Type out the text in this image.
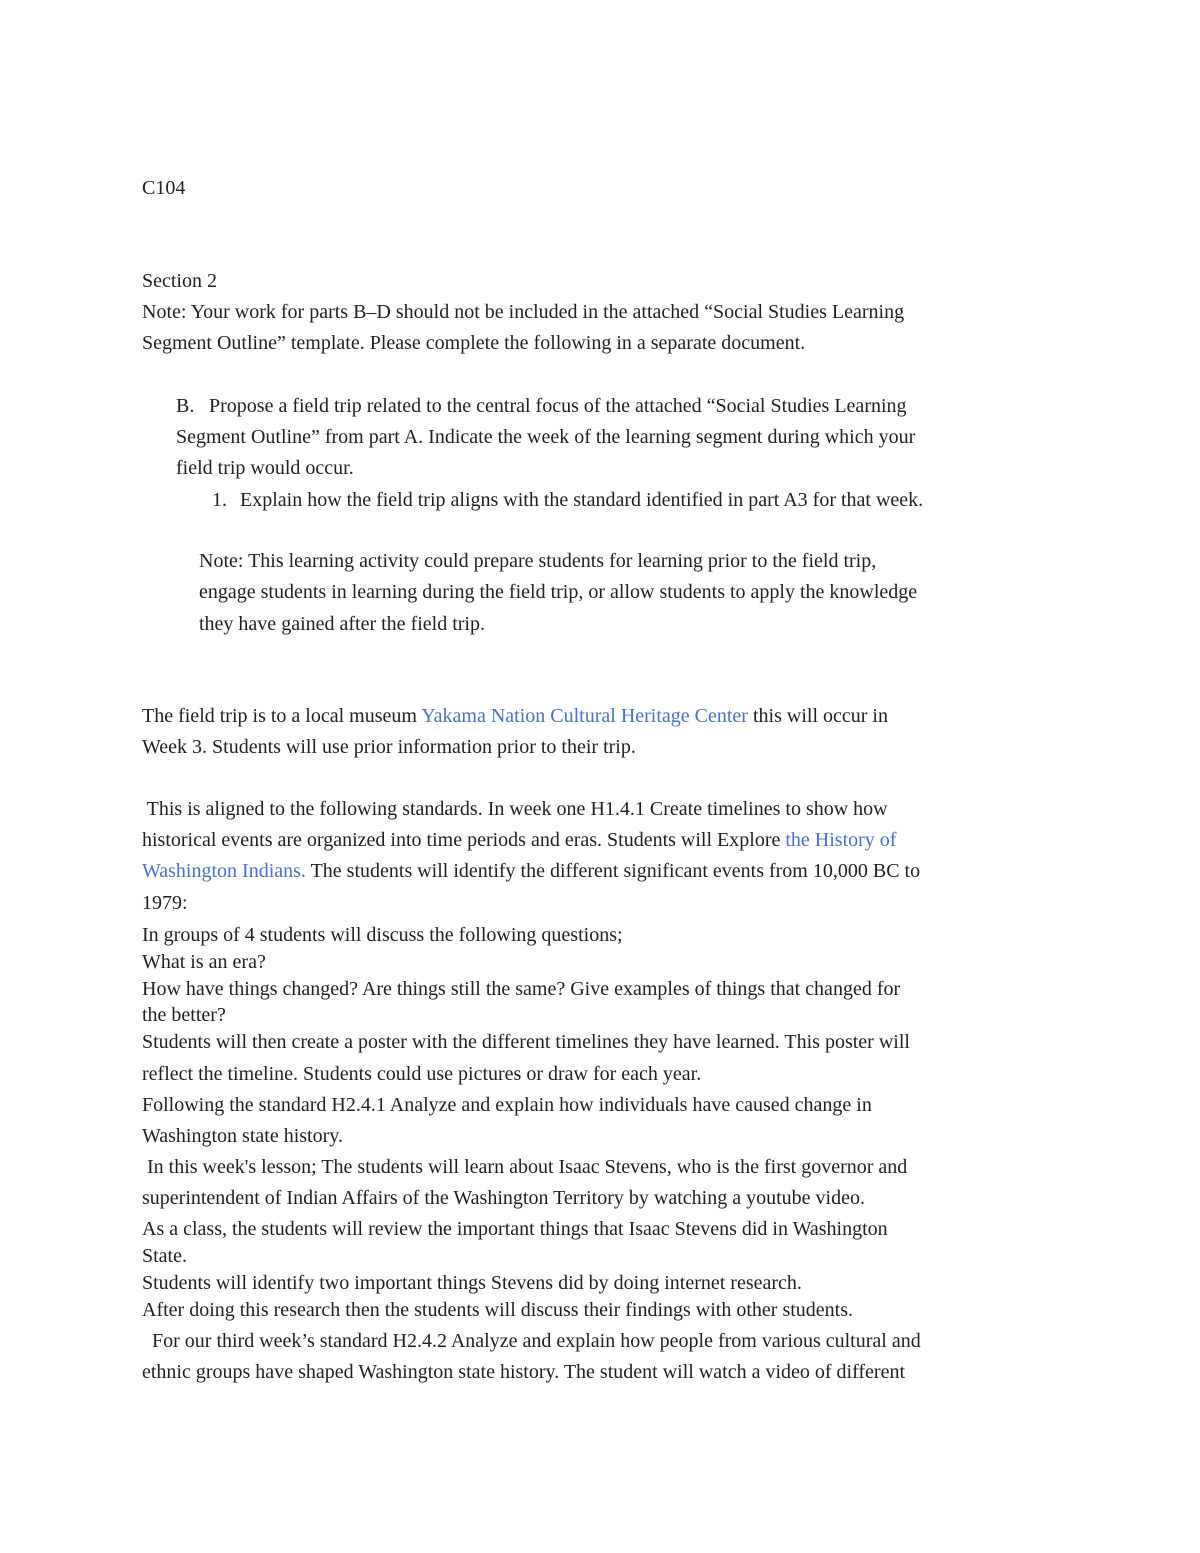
C104
Section 2
Note: Your work for parts B–D should not be included in the attached “Social Studies Learning
Segment Outline” template. Please complete the following in a separate document.
B. Propose a field trip related to the central focus of the attached “Social Studies Learning
Segment Outline” from part A. Indicate the week of the learning segment during which your
field trip would occur.
1. Explain how the field trip aligns with the standard identified in part A3 for that week.
Note: This learning activity could prepare students for learning prior to the field trip,
engage students in learning during the field trip, or allow students to apply the knowledge
they have gained after the field trip.
The field trip is to a local museum Yakama Nation Cultural Heritage Center this will occur in
Week 3. Students will use prior information prior to their trip.
This is aligned to the following standards. In week one H1.4.1 Create timelines to show how
historical events are organized into time periods and eras. Students will Explore the History of
Washington Indians. The students will identify the different significant events from 10,000 BC to
1979:
In groups of 4 students will discuss the following questions;
What is an era?
How have things changed? Are things still the same? Give examples of things that changed for
the better?
Students will then create a poster with the different timelines they have learned. This poster will
reflect the timeline. Students could use pictures or draw for each year.
Following the standard H2.4.1 Analyze and explain how individuals have caused change in
Washington state history.
In this week's lesson; The students will learn about Isaac Stevens, who is the first governor and
superintendent of Indian Affairs of the Washington Territory by watching a youtube video.
As a class, the students will review the important things that Isaac Stevens did in Washington
State.
Students will identify two important things Stevens did by doing internet research.
After doing this research then the students will discuss their findings with other students.
For our third week’s standard H2.4.2 Analyze and explain how people from various cultural and
ethnic groups have shaped Washington state history. The student will watch a video of different
